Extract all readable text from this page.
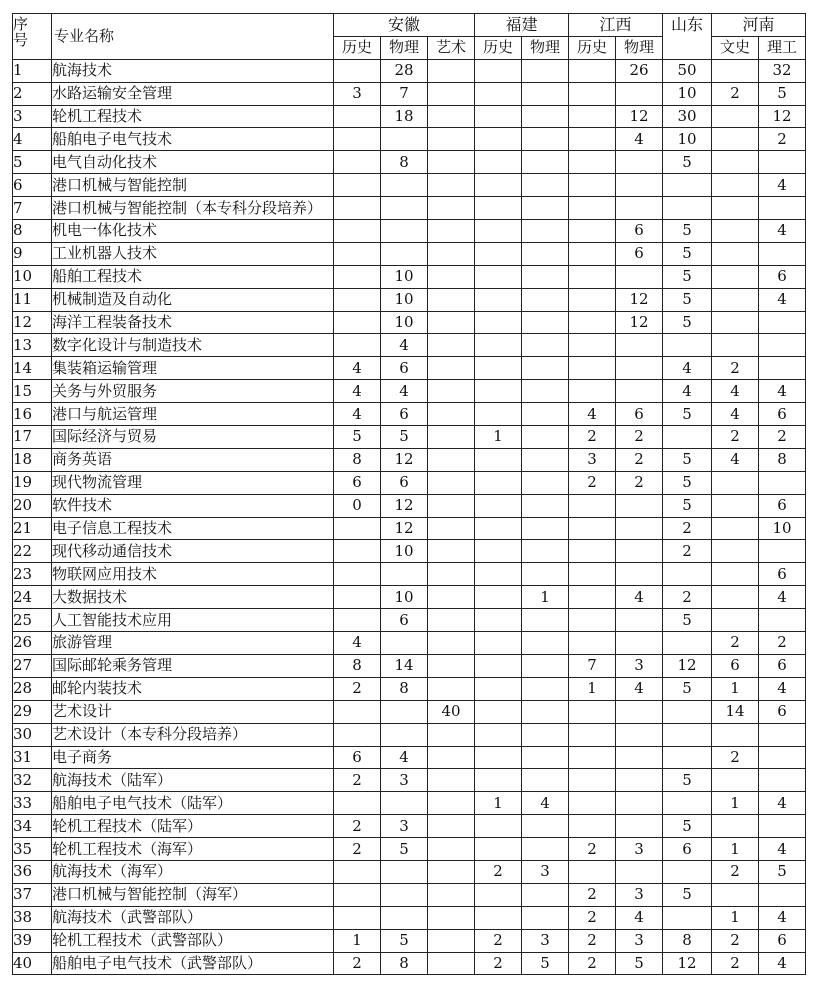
序
号	专业名称	安徽			福建		江西		山东	河南	
		历史	物理	艺术	历史	物理	历史	物理		文史	理工
1	航海技术		28					26	50		32
2	水路运输安全管理	3	7						10	2	5
3	轮机工程技术		18					12	30		12
4	船舶电子电气技术							4	10		2
5	电气自动化技术		8						5		
6	港口机械与智能控制										4
7	港口机械与智能控制（本专科分段培养）										
8	机电一体化技术							6	5		4
9	工业机器人技术							6	5		
10	船舶工程技术		10						5		6
11	机械制造及自动化		10					12	5		4
12	海洋工程装备技术		10					12	5		
13	数字化设计与制造技术		4								
14	集装箱运输管理	4	6						4	2	
15	关务与外贸服务	4	4						4	4	4
16	港口与航运管理	4	6				4	6	5	4	6
17	国际经济与贸易	5	5		1		2	2		2	2
18	商务英语	8	12				3	2	5	4	8
19	现代物流管理	6	6				2	2	5		
20	软件技术	0	12						5		6
21	电子信息工程技术		12						2		10
22	现代移动通信技术		10						2		
23	物联网应用技术										6
24	大数据技术		10			1		4	2		4
25	人工智能技术应用		6						5		
26	旅游管理	4								2	2
27	国际邮轮乘务管理	8	14				7	3	12	6	6
28	邮轮内装技术	2	8				1	4	5	1	4
29	艺术设计			40						14	6
30	艺术设计（本专科分段培养）										
31	电子商务	6	4							2	
32	航海技术（陆军）	2	3						5		
33	船舶电子电气技术（陆军）				1	4				1	4
34	轮机工程技术（陆军）	2	3						5		
35	轮机工程技术（海军）	2	5				2	3	6	1	4
36	航海技术（海军）				2	3				2	5
37	港口机械与智能控制（海军）						2	3	5		
38	航海技术（武警部队）						2	4		1	4
39	轮机工程技术（武警部队）	1	5		2	3	2	3	8	2	6
40	船舶电子电气技术（武警部队）	2	8		2	5	2	5	12	2	4
